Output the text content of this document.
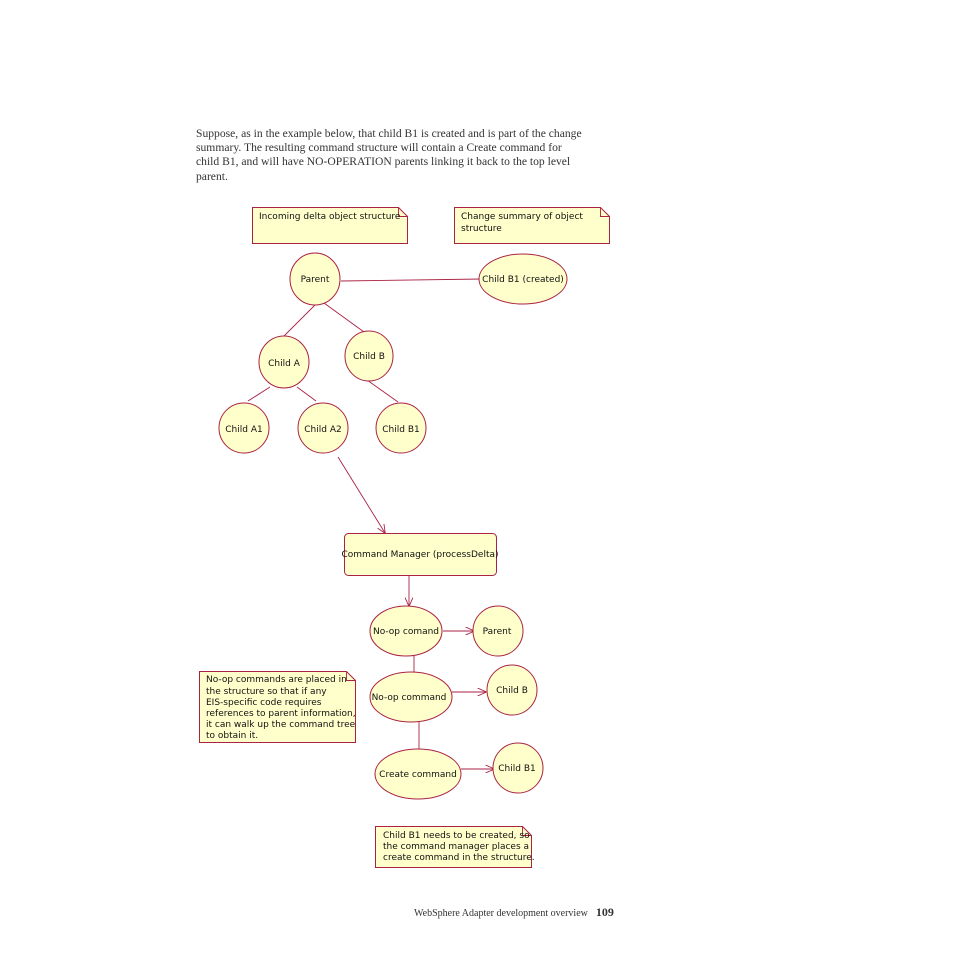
Suppose, as in the example below, that child B1 is created and is part of the change
summary. The resulting command structure will contain a Create command for
child B1, and will have NO-OPERATION parents linking it back to the top level
parent.
Incoming delta object structure	Change summary of object
structure
No-op commands are placed in
the structure so that if any
EIS-specific code requires
references to parent information,
it can walk up the command tree
to obtain it.
Child B1 needs to be created, so
the command manager places a
create command in the structure.
Parent	Child B1 (created)
Child A
Child B
Child A1	Child A2	Child B1
Command Manager (processDelta)
No-op comand	Parent
No-op command
Child B
Create command
Child B1
WebSphere Adapter development overview 109
